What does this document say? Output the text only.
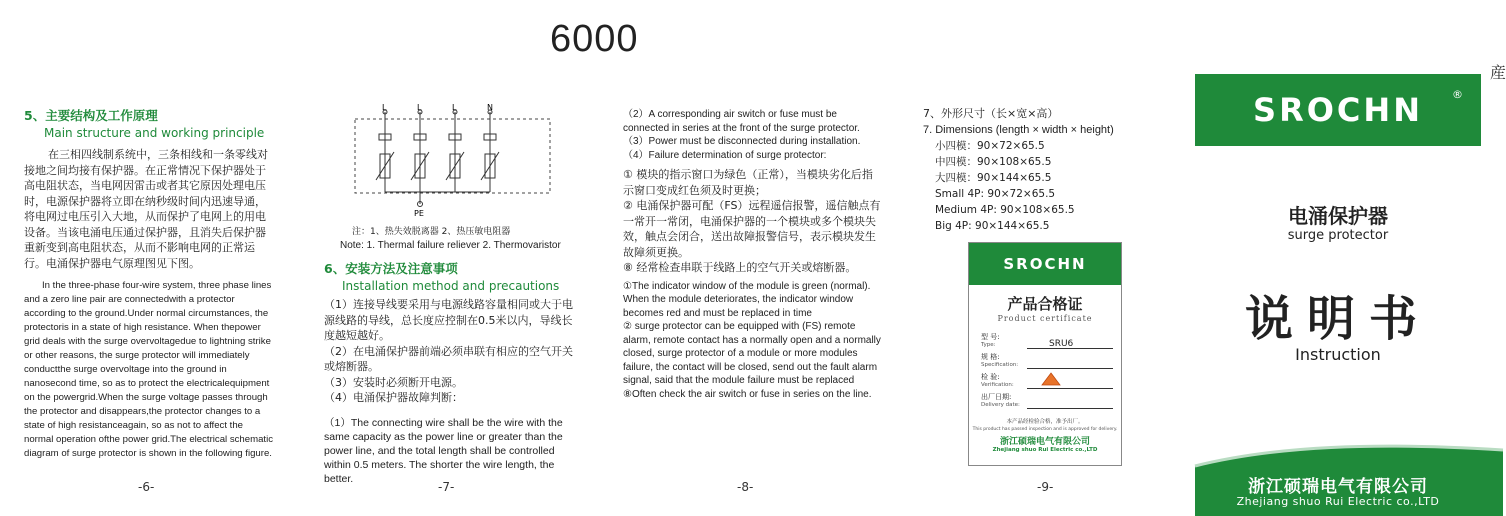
6000
5、主要结构及工作原理
Main structure and working principle

在三相四线制系统中，三条相线和一条零线对接地之间均接有保护器。在正常情况下保护器处于高电阻状态，当电网因雷击或者其它原因处理电压时，电源保护器将立即在纳秒级时间内迅速导通，将电网过电压引入大地，从而保护了电网上的用电设备。当该电涌电压通过保护器，且消失后保护器重新变到高电阻状态，从而不影响电网的正常运行。电涌保护器电气原理图见下图。

In the three-phase four-wire system, three phase lines and a zero line pair are connectedwith a protector according to the ground.Under normal circumstances, the protectoris in a state of high resistance. When thepower grid deals with the surge overvoltagedue to lightning strike or other reasons, the surge protector will immediately conductthe surge overvoltage into the ground in nanosecond time, so as to protect the electricalequipment on the powergrid.When the surge voltage passes through the protector and disappears,the protector changes to a state of high resistanceagain, so as not to affect the normal operation ofthe power grid.The electrical schematic diagram of surge protector is shown in the following figure.

-6-
L	L	L	N
PE
注：1、热失效脱离器 2、热压敏电阻器
Note: 1. Thermal failure reliever 2. Thermovaristor
6、安装方法及注意事项
Installation method and precautions

（1）连接导线要采用与电源线路容量相同或大于电源线路的导线，总长度应控制在0.5米以内，导线长度越短越好。

（2）在电涌保护器前端必须串联有相应的空气开关或熔断器。

（3）安装时必须断开电源。

（4）电涌保护器故障判断：

（1）The connecting wire shall be the wire with the same capacity as the power line or greater than the power line, and the total length shall be controlled within 0.5 meters. The shorter the wire length, the better.

-7-

（2）A corresponding air switch or fuse must be connected in series at the front of the surge protector.

（3）Power must be disconnected during installation.

（4）Failure determination of surge protector:

① 模块的指示窗口为绿色（正常），当模块劣化后指示窗口变成红色须及时更换；

② 电涌保护器可配（FS）远程遥信报警，遥信触点有一常开一常闭，电涌保护器的一个模块或多个模块失效，触点会闭合，送出故障报警信号，表示模块发生故障须更换。

⑧ 经常检查串联于线路上的空气开关或熔断器。

①The indicator window of the module is green (normal). When the module deteriorates, the indicator window becomes red and must be replaced in time

② surge protector can be equipped with (FS) remote alarm, remote contact has a normally open and a normally closed, surge protector of a module or more modules failure, the contact will be closed, send out the fault alarm signal, said that the module failure must be replaced

⑧Often check the air switch or fuse in series on the line.

-8-
7、外形尺寸（长×宽×高）
7. Dimensions (length × width × height)
小四模：90×72×65.5
中四模：90×108×65.5
大四模：90×144×65.5
Small 4P: 90×72×65.5
Medium 4P: 90×108×65.5
Big 4P: 90×144×65.5
SROCHN
产品合格证
Product certificate
型 号:
Type:	SRU6
规 格:
Specification:
检 验:
Verification:
出厂日期:
Delivery date:
本产品经检验合格，准予出厂。
This product has passed inspection and is approved for delivery.
浙江硕瑞电气有限公司
Zhejiang shuo Rui Electric co.,LTD
-9-
SROCHN	®
産
电涌保护器
surge protector
说明书
Instruction
浙江硕瑞电气有限公司
Zhejiang shuo Rui Electric co.,LTD
